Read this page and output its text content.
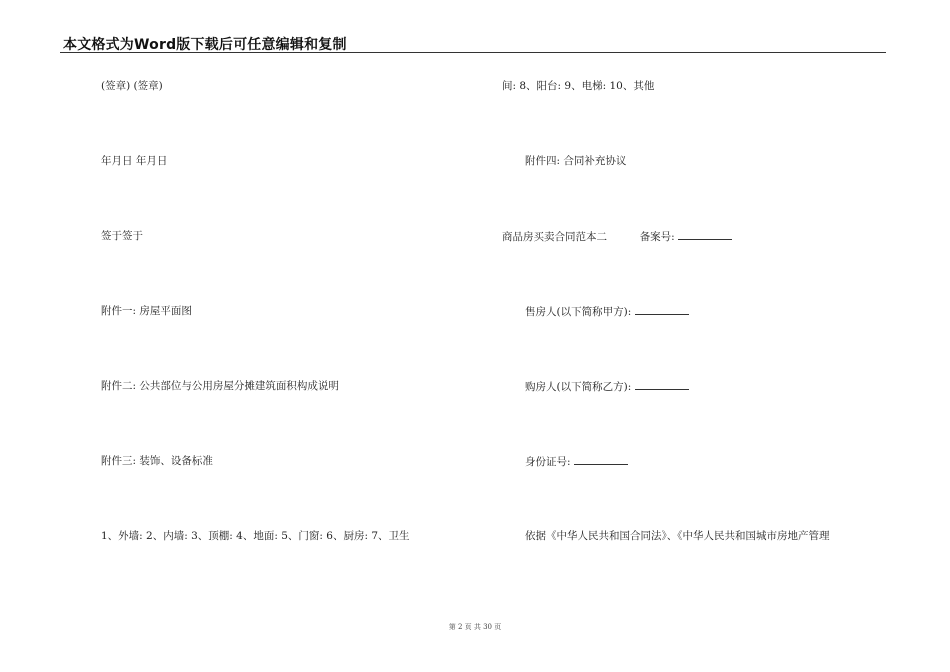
本文格式为Word版下载后可任意编辑和复制
(签章) (签章)
年月日 年月日
签于签于
附件一: 房屋平面图
附件二: 公共部位与公用房屋分摊建筑面积构成说明
附件三: 装饰、设备标准
1、外墙: 2、内墙: 3、顶棚: 4、地面: 5、门窗: 6、厨房: 7、卫生
间: 8、阳台: 9、电梯: 10、其他
附件四: 合同补充协议
商品房买卖合同范本二	备案号:
售房人(以下简称甲方):
购房人(以下简称乙方):
身份证号:
依据《中华人民共和国合同法》、《中华人民共和国城市房地产管理
第 2 页 共 30 页
